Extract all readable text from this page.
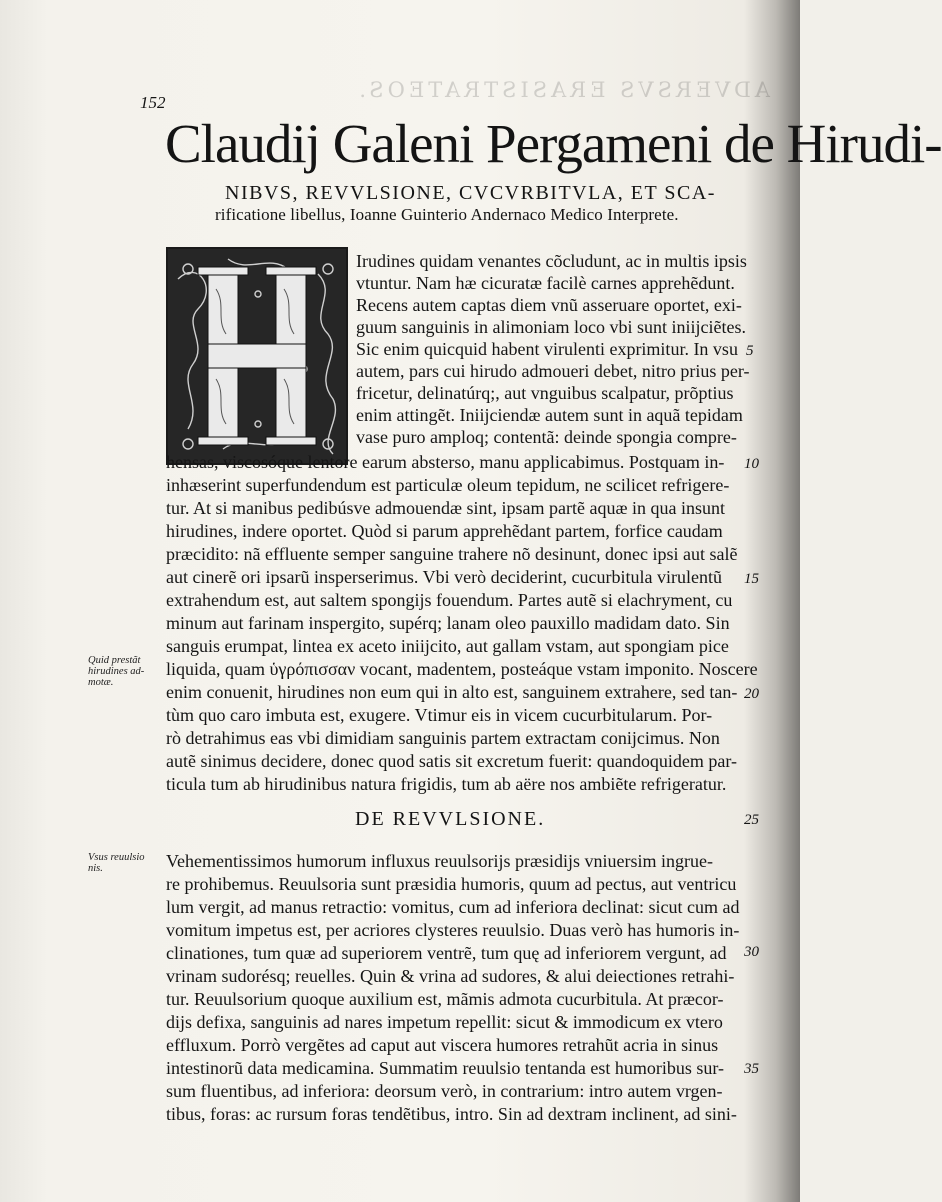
ADVERSVS ERASISTRATEOS.
152
Claudij Galeni Pergameni de Hirudi-
NIBVS, REVVLSIONE, CVCVRBITVLA, ET SCA-
rificatione libellus, Ioanne Guinterio Andernaco Medico Interprete.
Irudines quidam venantes cõcludunt, ac in multis ipsis
vtuntur. Nam hæ cicuratæ facilè carnes apprehẽdunt.
Recens autem captas diem vnũ asseruare oportet, exi-
guum sanguinis in alimoniam loco vbi sunt iniijciẽtes.
Sic enim quicquid habent virulenti exprimitur. In vsu
autem, pars cui hirudo admoueri debet, nitro prius per-
fricetur, delinatúrq;, aut vnguibus scalpatur, prõptius
enim attingẽt. Iniijciendæ autem sunt in aquã tepidam
vase puro amploq; contentã: deinde spongia compre-
hensas, viscosóque lentore earum absterso, manu applicabimus. Postquam in-
inhæserint superfundendum est particulæ oleum tepidum, ne scilicet refrigere-
tur. At si manibus pedibúsve admouendæ sint, ipsam partẽ aquæ in qua insunt
hirudines, indere oportet. Quòd si parum apprehẽdant partem, forfice caudam
præcidito: nã effluente semper sanguine trahere nõ desinunt, donec ipsi aut salẽ
aut cinerẽ ori ipsarũ insperserimus. Vbi verò deciderint, cucurbitula virulentũ
extrahendum est, aut saltem spongijs fouendum. Partes autẽ si elachryment, cu
minum aut farinam inspergito, supérq; lanam oleo pauxillo madidam dato. Sin
sanguis erumpat, lintea ex aceto iniijcito, aut gallam vstam, aut spongiam pice
liquida, quam ὑγρόπισσαν vocant, madentem, posteáque vstam imponito. Noscere
enim conuenit, hirudines non eum qui in alto est, sanguinem extrahere, sed tan-
tùm quo caro imbuta est, exugere. Vtimur eis in vicem cucurbitularum. Por-
rò detrahimus eas vbi dimidiam sanguinis partem extractam conijcimus. Non
autẽ sinimus decidere, donec quod satis sit excretum fuerit: quandoquidem par-
ticula tum ab hirudinibus natura frigidis, tum ab aëre nos ambiẽte refrigeratur.
Quid prestãt
hirudines ad-
motæ.
DE REVVLSIONE.
Vsus reuulsio
nis.	Vehementissimos humorum influxus reuulsorijs præsidijs vniuersim ingrue-
re prohibemus. Reuulsoria sunt præsidia humoris, quum ad pectus, aut ventricu
lum vergit, ad manus retractio: vomitus, cum ad inferiora declinat: sicut cum ad
vomitum impetus est, per acriores clysteres reuulsio. Duas verò has humoris in-
clinationes, tum quæ ad superiorem ventrẽ, tum quę ad inferiorem vergunt, ad
vrinam sudorésq; reuelles. Quin & vrina ad sudores, & alui deiectiones retrahi-
tur. Reuulsorium quoque auxilium est, mãmis admota cucurbitula. At præcor-
dijs defixa, sanguinis ad nares impetum repellit: sicut & immodicum ex vtero
effluxum. Porrò vergẽtes ad caput aut viscera humores retrahũt acria in sinus
intestinorũ data medicamina. Summatim reuulsio tentanda est humoribus sur-
sum fluentibus, ad inferiora: deorsum verò, in contrarium: intro autem vrgen-
tibus, foras: ac rursum foras tendẽtibus, intro. Sin ad dextram inclinent, ad sini-
5
10
15
20
25
30
35
